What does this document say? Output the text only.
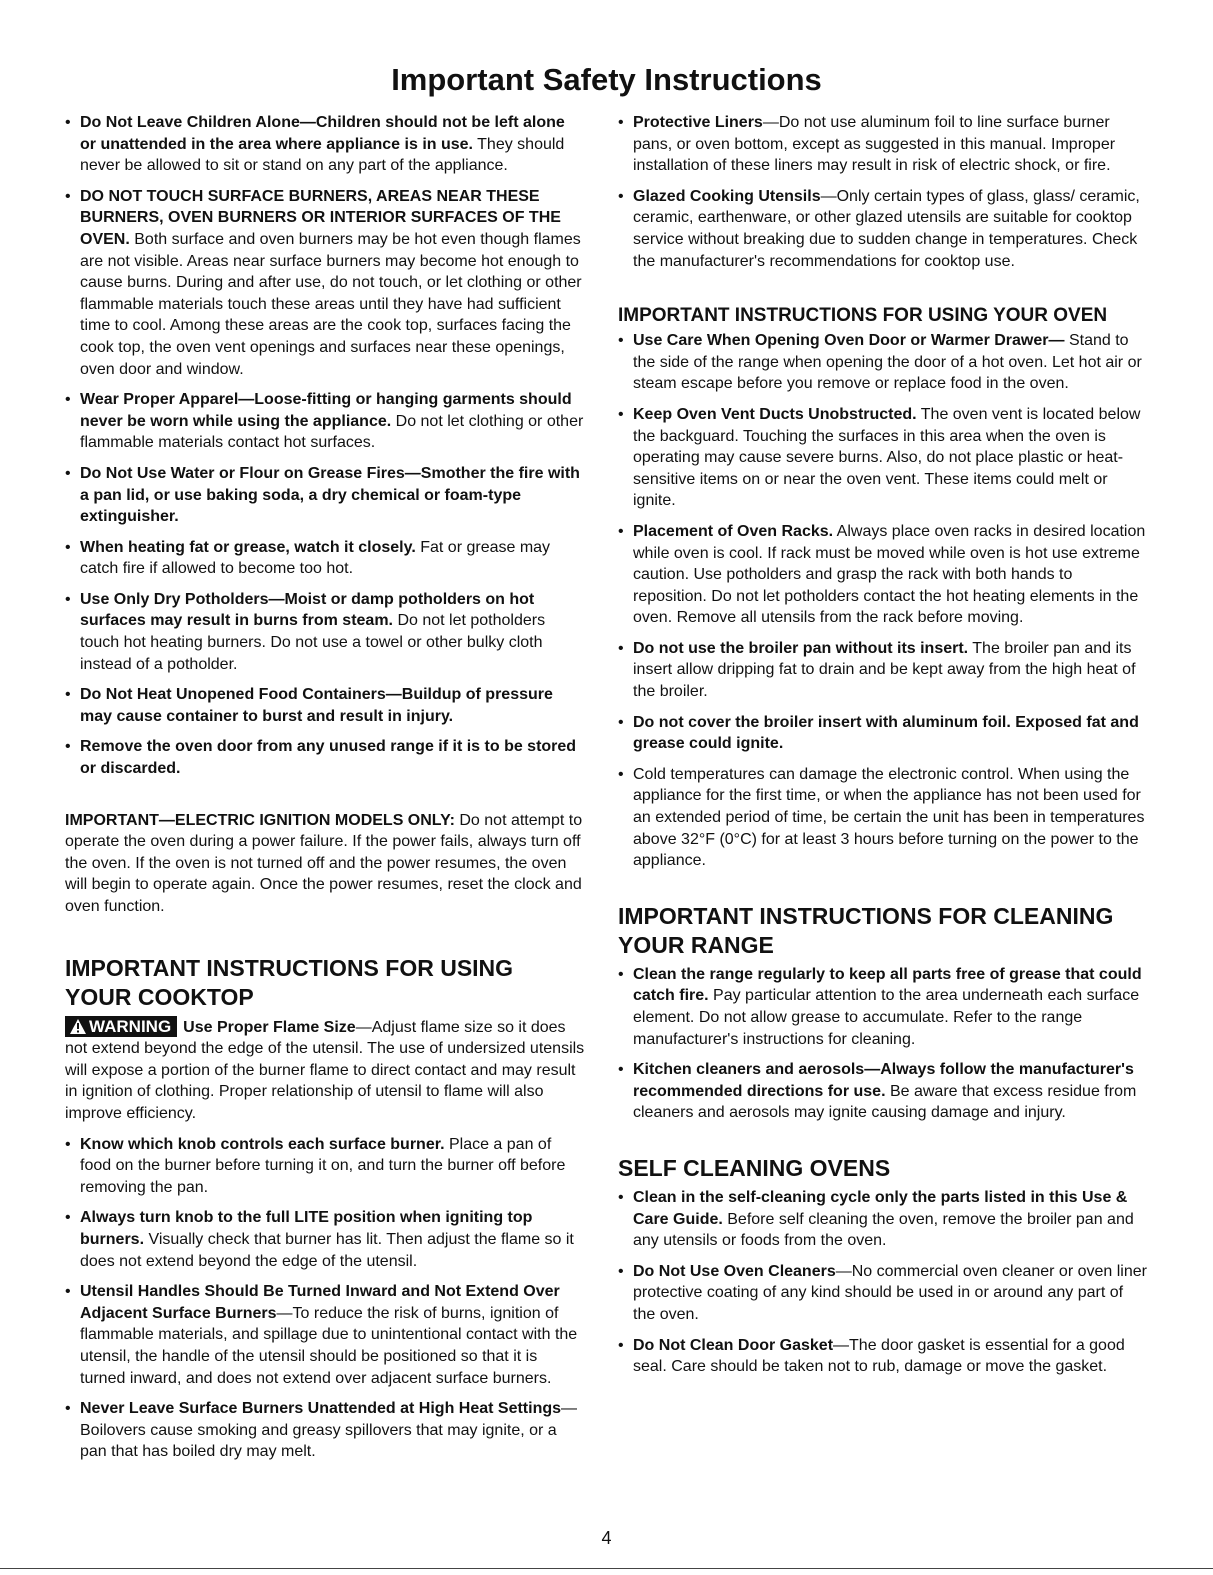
Important Safety Instructions

• Do Not Leave Children Alone—Children should not be left alone or unattended in the area where appliance is in use. They should never be allowed to sit or stand on any part of the appliance.

• DO NOT TOUCH SURFACE BURNERS, AREAS NEAR THESE BURNERS, OVEN BURNERS OR INTERIOR SURFACES OF THE OVEN. Both surface and oven burners may be hot even though flames are not visible. Areas near surface burners may become hot enough to cause burns. During and after use, do not touch, or let clothing or other flammable materials touch these areas until they have had sufficient time to cool. Among these areas are the cook top, surfaces facing the cook top, the oven vent openings and surfaces near these openings, oven door and window.

• Wear Proper Apparel—Loose-fitting or hanging garments should never be worn while using the appliance. Do not let clothing or other flammable materials contact hot surfaces.

• Do Not Use Water or Flour on Grease Fires—Smother the fire with a pan lid, or use baking soda, a dry chemical or foam-type extinguisher.

• When heating fat or grease, watch it closely. Fat or grease may catch fire if allowed to become too hot.

• Use Only Dry Potholders—Moist or damp potholders on hot surfaces may result in burns from steam. Do not let potholders touch hot heating burners. Do not use a towel or other bulky cloth instead of a potholder.

• Do Not Heat Unopened Food Containers—Buildup of pressure may cause container to burst and result in injury.

• Remove the oven door from any unused range if it is to be stored or discarded.

IMPORTANT—ELECTRIC IGNITION MODELS ONLY: Do not attempt to operate the oven during a power failure. If the power fails, always turn off the oven. If the oven is not turned off and the power resumes, the oven will begin to operate again. Once the power resumes, reset the clock and oven function.

IMPORTANT INSTRUCTIONS FOR USING YOUR COOKTOP

WARNING Use Proper Flame Size—Adjust flame size so it does not extend beyond the edge of the utensil. The use of undersized utensils will expose a portion of the burner flame to direct contact and may result in ignition of clothing. Proper relationship of utensil to flame will also improve efficiency.

• Know which knob controls each surface burner. Place a pan of food on the burner before turning it on, and turn the burner off before removing the pan.

• Always turn knob to the full LITE position when igniting top burners. Visually check that burner has lit. Then adjust the flame so it does not extend beyond the edge of the utensil.

• Utensil Handles Should Be Turned Inward and Not Extend Over Adjacent Surface Burners—To reduce the risk of burns, ignition of flammable materials, and spillage due to unintentional contact with the utensil, the handle of the utensil should be positioned so that it is turned inward, and does not extend over adjacent surface burners.

• Never Leave Surface Burners Unattended at High Heat Settings—Boilovers cause smoking and greasy spillovers that may ignite, or a pan that has boiled dry may melt.

• Protective Liners—Do not use aluminum foil to line surface burner pans, or oven bottom, except as suggested in this manual. Improper installation of these liners may result in risk of electric shock, or fire.

• Glazed Cooking Utensils—Only certain types of glass, glass/ ceramic, ceramic, earthenware, or other glazed utensils are suitable for cooktop service without breaking due to sudden change in temperatures. Check the manufacturer's recommendations for cooktop use.

IMPORTANT INSTRUCTIONS FOR USING YOUR OVEN

• Use Care When Opening Oven Door or Warmer Drawer— Stand to the side of the range when opening the door of a hot oven. Let hot air or steam escape before you remove or replace food in the oven.

• Keep Oven Vent Ducts Unobstructed. The oven vent is located below the backguard. Touching the surfaces in this area when the oven is operating may cause severe burns. Also, do not place plastic or heat-sensitive items on or near the oven vent. These items could melt or ignite.

• Placement of Oven Racks. Always place oven racks in desired location while oven is cool. If rack must be moved while oven is hot use extreme caution. Use potholders and grasp the rack with both hands to reposition. Do not let potholders contact the hot heating elements in the oven. Remove all utensils from the rack before moving.

• Do not use the broiler pan without its insert. The broiler pan and its insert allow dripping fat to drain and be kept away from the high heat of the broiler.

• Do not cover the broiler insert with aluminum foil. Exposed fat and grease could ignite.

• Cold temperatures can damage the electronic control. When using the appliance for the first time, or when the appliance has not been used for an extended period of time, be certain the unit has been in temperatures above 32°F (0°C) for at least 3 hours before turning on the power to the appliance.

IMPORTANT INSTRUCTIONS FOR CLEANING YOUR RANGE

• Clean the range regularly to keep all parts free of grease that could catch fire. Pay particular attention to the area underneath each surface element. Do not allow grease to accumulate. Refer to the range manufacturer's instructions for cleaning.

• Kitchen cleaners and aerosols—Always follow the manufacturer's recommended directions for use. Be aware that excess residue from cleaners and aerosols may ignite causing damage and injury.

SELF CLEANING OVENS

• Clean in the self-cleaning cycle only the parts listed in this Use & Care Guide. Before self cleaning the oven, remove the broiler pan and any utensils or foods from the oven.

• Do Not Use Oven Cleaners—No commercial oven cleaner or oven liner protective coating of any kind should be used in or around any part of the oven.

• Do Not Clean Door Gasket—The door gasket is essential for a good seal. Care should be taken not to rub, damage or move the gasket.

4
